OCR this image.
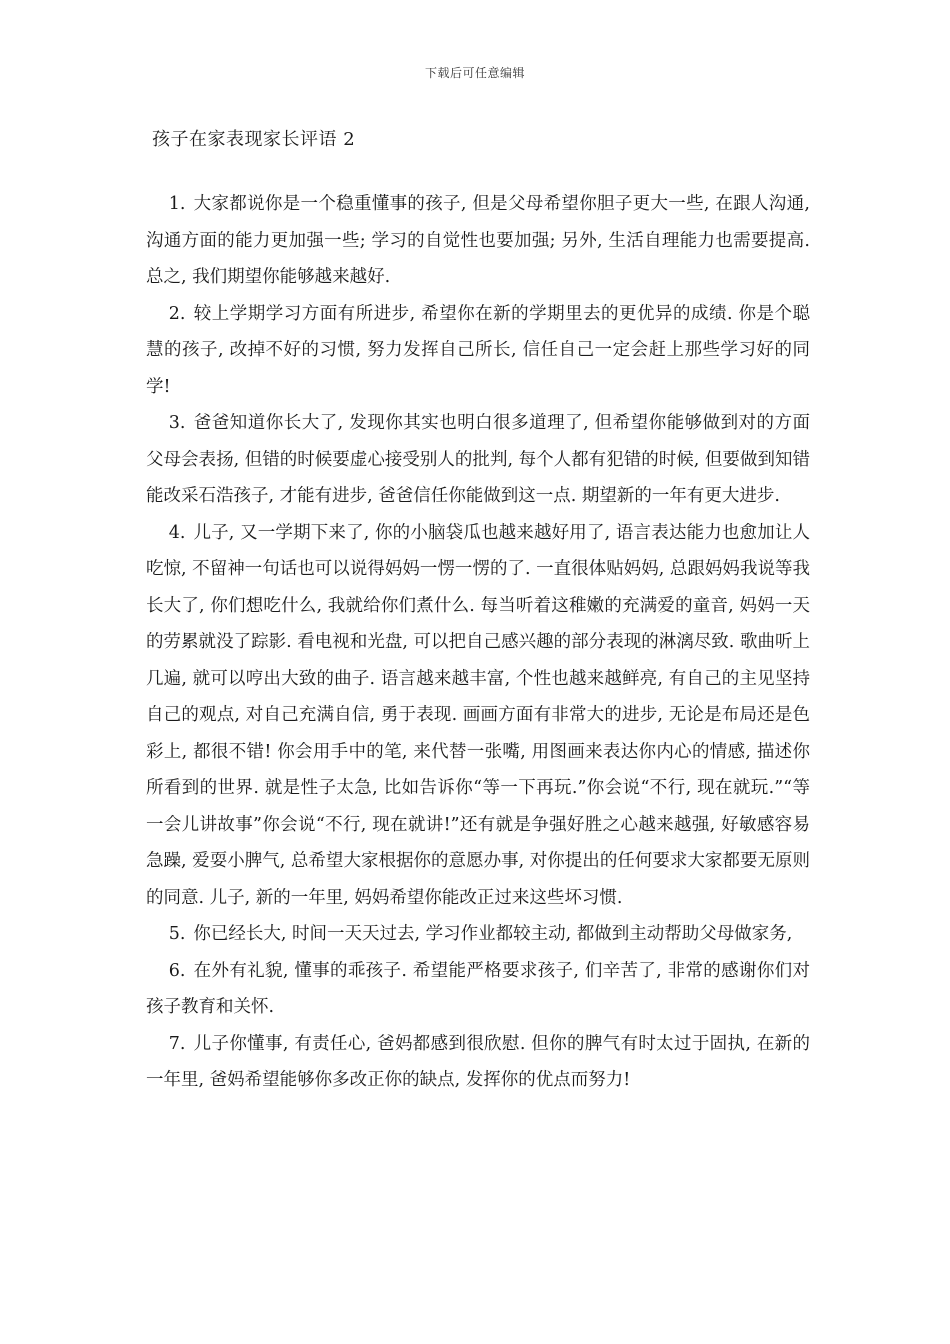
下载后可任意编辑
孩子在家表现家长评语 2

1. 大家都说你是一个稳重懂事的孩子, 但是父母希望你胆子更大一些, 在跟人沟通, 沟通方面的能力更加强一些; 学习的自觉性也要加强; 另外, 生活自理能力也需要提高. 总之, 我们期望你能够越来越好.

2. 较上学期学习方面有所进步, 希望你在新的学期里去的更优异的成绩. 你是个聪慧的孩子, 改掉不好的习惯, 努力发挥自己所长, 信任自己一定会赶上那些学习好的同学!

3. 爸爸知道你长大了, 发现你其实也明白很多道理了, 但希望你能够做到对的方面父母会表扬, 但错的时候要虚心接受别人的批判, 每个人都有犯错的时候, 但要做到知错能改采石浩孩子, 才能有进步, 爸爸信任你能做到这一点. 期望新的一年有更大进步.

4. 儿子, 又一学期下来了, 你的小脑袋瓜也越来越好用了, 语言表达能力也愈加让人吃惊, 不留神一句话也可以说得妈妈一愣一愣的了. 一直很体贴妈妈, 总跟妈妈我说等我长大了, 你们想吃什么, 我就给你们煮什么. 每当听着这稚嫩的充满爱的童音, 妈妈一天的劳累就没了踪影. 看电视和光盘, 可以把自己感兴趣的部分表现的淋漓尽致. 歌曲听上几遍, 就可以哼出大致的曲子. 语言越来越丰富, 个性也越来越鲜亮, 有自己的主见坚持自己的观点, 对自己充满自信, 勇于表现. 画画方面有非常大的进步, 无论是布局还是色彩上, 都很不错! 你会用手中的笔, 来代替一张嘴, 用图画来表达你内心的情感, 描述你所看到的世界. 就是性子太急, 比如告诉你“等一下再玩.”你会说“不行, 现在就玩.”“等一会儿讲故事”你会说“不行, 现在就讲!”还有就是争强好胜之心越来越强, 好敏感容易急躁, 爱耍小脾气, 总希望大家根据你的意愿办事, 对你提出的任何要求大家都要无原则的同意. 儿子, 新的一年里, 妈妈希望你能改正过来这些坏习惯.

5. 你已经长大, 时间一天天过去, 学习作业都较主动, 都做到主动帮助父母做家务,

6. 在外有礼貌, 懂事的乖孩子. 希望能严格要求孩子, 们辛苦了, 非常的感谢你们对孩子教育和关怀.

7. 儿子你懂事, 有责任心, 爸妈都感到很欣慰. 但你的脾气有时太过于固执, 在新的一年里, 爸妈希望能够你多改正你的缺点, 发挥你的优点而努力!
